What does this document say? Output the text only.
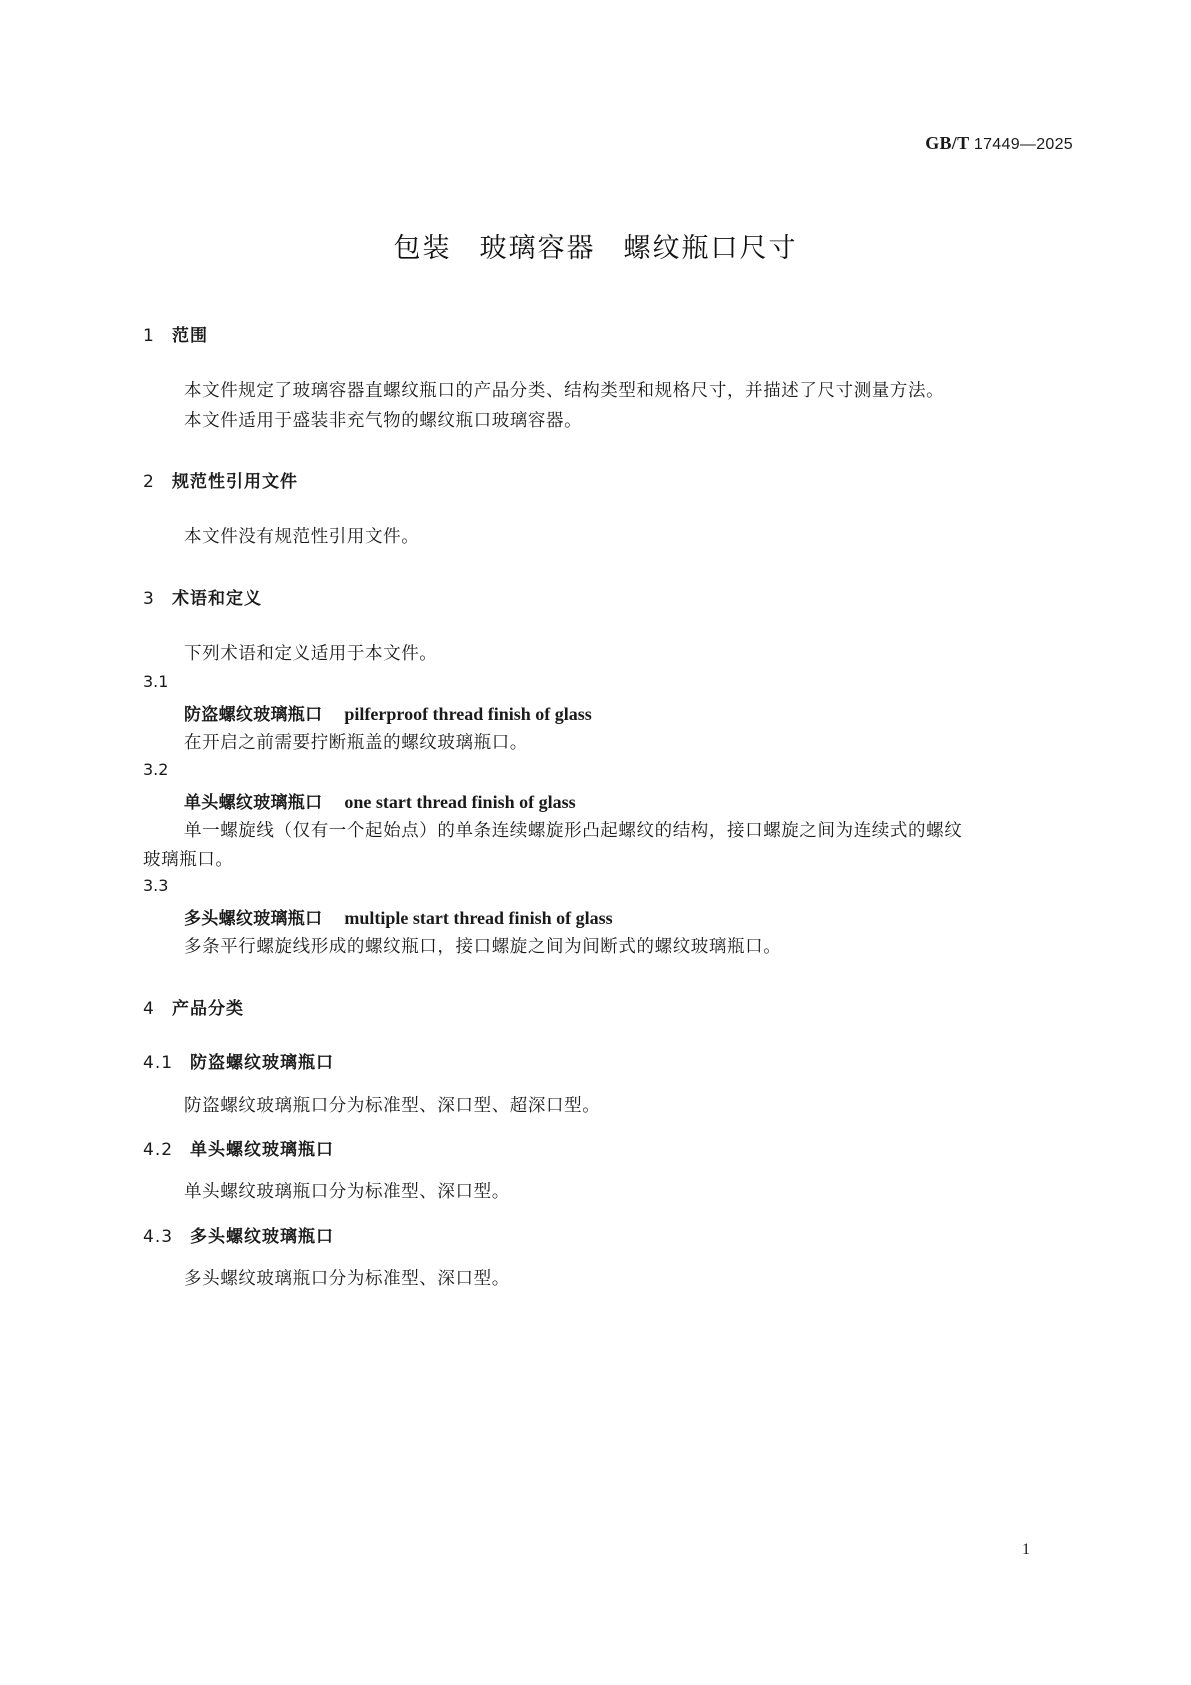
GB/T 17449—2025
包装 玻璃容器 螺纹瓶口尺寸
1 范围
本文件规定了玻璃容器直螺纹瓶口的产品分类、结构类型和规格尺寸，并描述了尺寸测量方法。
本文件适用于盛装非充气物的螺纹瓶口玻璃容器。
2 规范性引用文件
本文件没有规范性引用文件。
3 术语和定义
下列术语和定义适用于本文件。
3.1
防盗螺纹玻璃瓶口 pilferproof thread finish of glass
在开启之前需要拧断瓶盖的螺纹玻璃瓶口。
3.2
单头螺纹玻璃瓶口 one start thread finish of glass
单一螺旋线（仅有一个起始点）的单条连续螺旋形凸起螺纹的结构，接口螺旋之间为连续式的螺纹
玻璃瓶口。
3.3
多头螺纹玻璃瓶口 multiple start thread finish of glass
多条平行螺旋线形成的螺纹瓶口，接口螺旋之间为间断式的螺纹玻璃瓶口。
4 产品分类
4.1 防盗螺纹玻璃瓶口
防盗螺纹玻璃瓶口分为标准型、深口型、超深口型。
4.2 单头螺纹玻璃瓶口
单头螺纹玻璃瓶口分为标准型、深口型。
4.3 多头螺纹玻璃瓶口
多头螺纹玻璃瓶口分为标准型、深口型。
1
